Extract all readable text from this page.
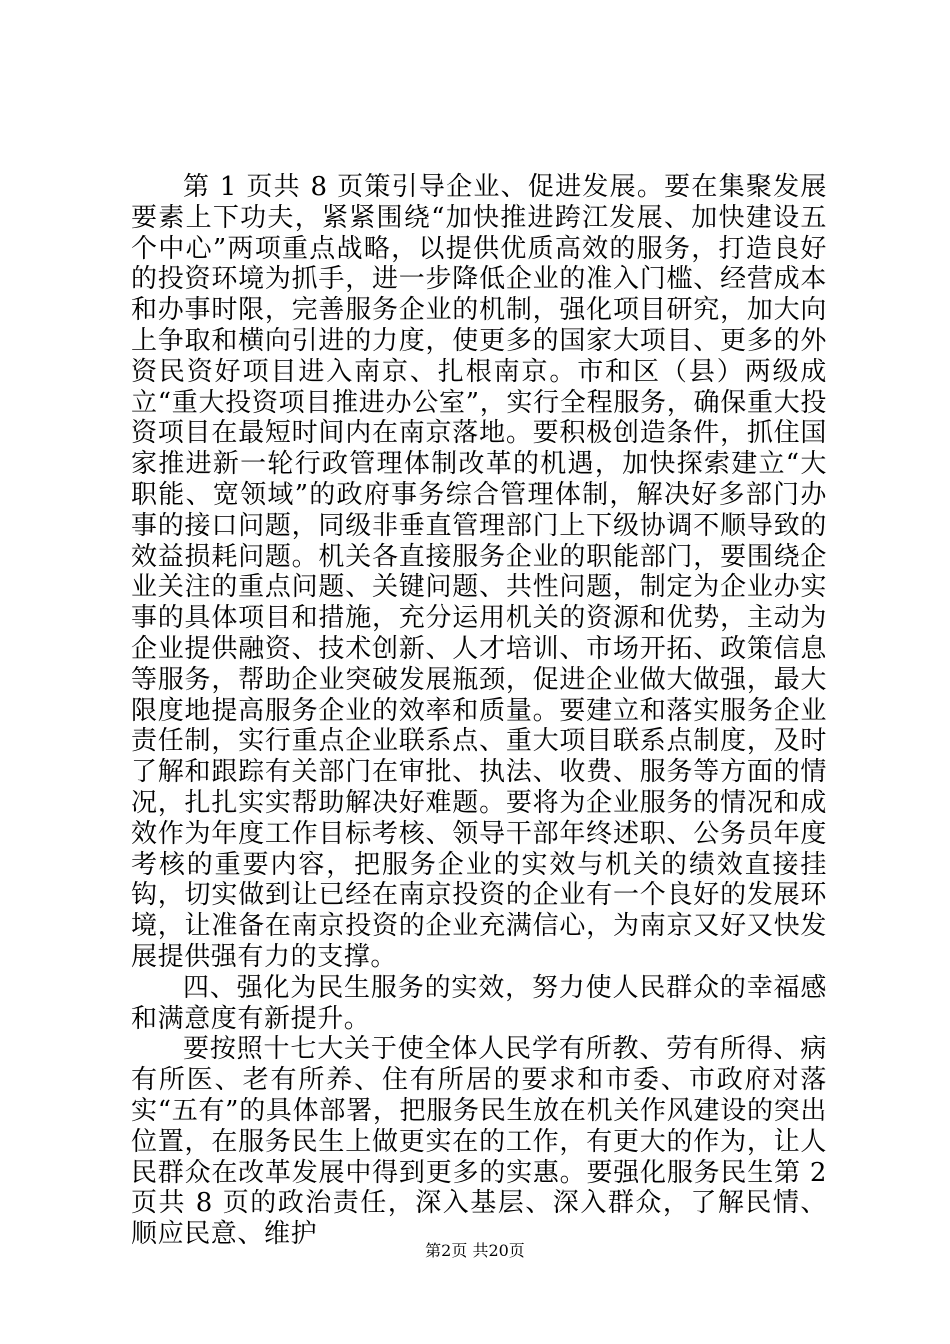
第 1 页共 8 页策引导企业、促进发展。要在集聚发展要素上下功夫，紧紧围绕“加快推进跨江发展、加快建设五个中心”两项重点战略，以提供优质高效的服务，打造良好的投资环境为抓手，进一步降低企业的准入门槛、经营成本和办事时限，完善服务企业的机制，强化项目研究，加大向上争取和横向引进的力度，使更多的国家大项目、更多的外资民资好项目进入南京、扎根南京。市和区（县）两级成立“重大投资项目推进办公室”，实行全程服务，确保重大投资项目在最短时间内在南京落地。要积极创造条件，抓住国家推进新一轮行政管理体制改革的机遇，加快探索建立“大职能、宽领域”的政府事务综合管理体制，解决好多部门办事的接口问题，同级非垂直管理部门上下级协调不顺导致的效益损耗问题。机关各直接服务企业的职能部门，要围绕企业关注的重点问题、关键问题、共性问题，制定为企业办实事的具体项目和措施，充分运用机关的资源和优势，主动为企业提供融资、技术创新、人才培训、市场开拓、政策信息等服务，帮助企业突破发展瓶颈，促进企业做大做强，最大限度地提高服务企业的效率和质量。要建立和落实服务企业责任制，实行重点企业联系点、重大项目联系点制度，及时了解和跟踪有关部门在审批、执法、收费、服务等方面的情况，扎扎实实帮助解决好难题。要将为企业服务的情况和成效作为年度工作目标考核、领导干部年终述职、公务员年度考核的重要内容，把服务企业的实效与机关的绩效直接挂钩，切实做到让已经在南京投资的企业有一个良好的发展环境，让准备在南京投资的企业充满信心，为南京又好又快发展提供强有力的支撑。

四、强化为民生服务的实效，努力使人民群众的幸福感和满意度有新提升。

要按照十七大关于使全体人民学有所教、劳有所得、病有所医、老有所养、住有所居的要求和市委、市政府对落实“五有”的具体部署，把服务民生放在机关作风建设的突出位置，在服务民生上做更实在的工作，有更大的作为，让人民群众在改革发展中得到更多的实惠。要强化服务民生第 2 页共 8 页的政治责任，深入基层、深入群众，了解民情、顺应民意、维护

第2页 共20页
